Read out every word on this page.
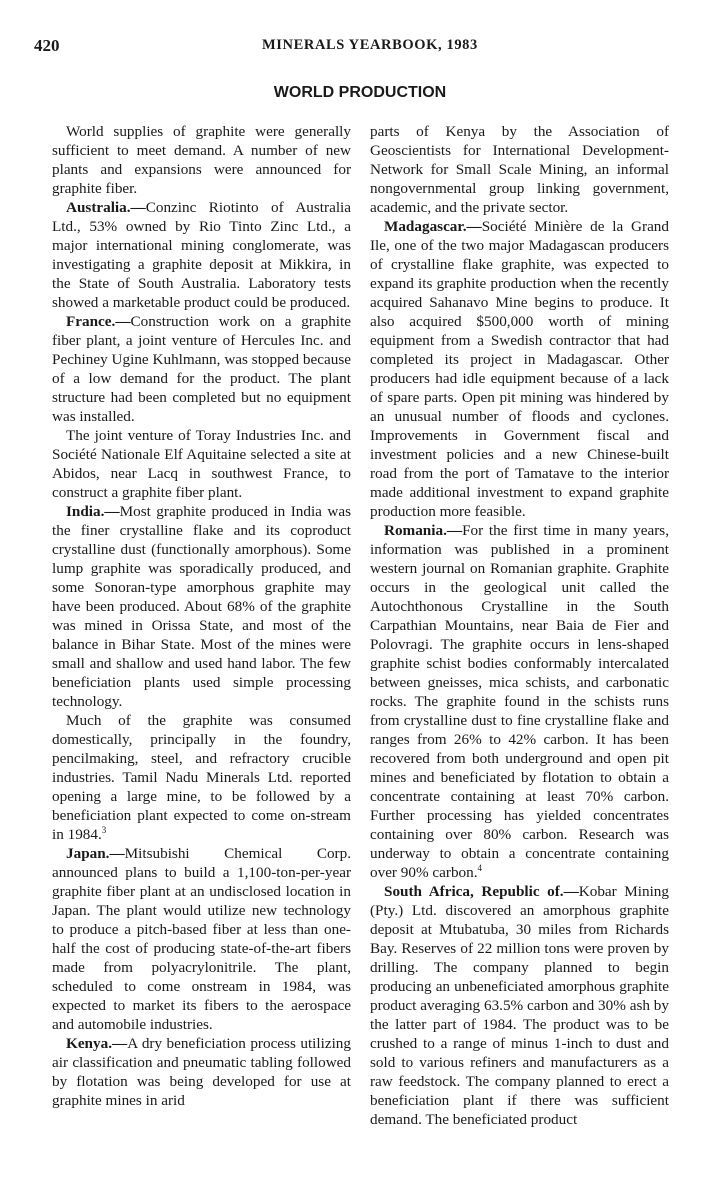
420	MINERALS YEARBOOK, 1983
WORLD PRODUCTION

World supplies of graphite were generally sufficient to meet demand. A number of new plants and expansions were announced for graphite fiber.

Australia.—Conzinc Riotinto of Australia Ltd., 53% owned by Rio Tinto Zinc Ltd., a major international mining conglomerate, was investigating a graphite deposit at Mikkira, in the State of South Australia. Laboratory tests showed a marketable product could be produced.

France.—Construction work on a graphite fiber plant, a joint venture of Hercules Inc. and Pechiney Ugine Kuhlmann, was stopped because of a low demand for the product. The plant structure had been completed but no equipment was installed.

The joint venture of Toray Industries Inc. and Société Nationale Elf Aquitaine selected a site at Abidos, near Lacq in southwest France, to construct a graphite fiber plant.

India.—Most graphite produced in India was the finer crystalline flake and its coproduct crystalline dust (functionally amorphous). Some lump graphite was sporadically produced, and some Sonoran-type amorphous graphite may have been produced. About 68% of the graphite was mined in Orissa State, and most of the balance in Bihar State. Most of the mines were small and shallow and used hand labor. The few beneficiation plants used simple processing technology.

Much of the graphite was consumed domestically, principally in the foundry, pencilmaking, steel, and refractory crucible industries. Tamil Nadu Minerals Ltd. reported opening a large mine, to be followed by a beneficiation plant expected to come on-stream in 1984.$^3$

Japan.—Mitsubishi Chemical Corp. announced plans to build a 1,100-ton-per-year graphite fiber plant at an undisclosed location in Japan. The plant would utilize new technology to produce a pitch-based fiber at less than one-half the cost of producing state-of-the-art fibers made from polyacrylonitrile. The plant, scheduled to come onstream in 1984, was expected to market its fibers to the aerospace and automobile industries.

Kenya.—A dry beneficiation process utilizing air classification and pneumatic tabling followed by flotation was being developed for use at graphite mines in arid

parts of Kenya by the Association of Geoscientists for International Development-Network for Small Scale Mining, an informal nongovernmental group linking government, academic, and the private sector.

Madagascar.—Société Minière de la Grand Ile, one of the two major Madagascan producers of crystalline flake graphite, was expected to expand its graphite production when the recently acquired Sahanavo Mine begins to produce. It also acquired $500,000 worth of mining equipment from a Swedish contractor that had completed its project in Madagascar. Other producers had idle equipment because of a lack of spare parts. Open pit mining was hindered by an unusual number of floods and cyclones. Improvements in Government fiscal and investment policies and a new Chinese-built road from the port of Tamatave to the interior made additional investment to expand graphite production more feasible.

Romania.—For the first time in many years, information was published in a prominent western journal on Romanian graphite. Graphite occurs in the geological unit called the Autochthonous Crystalline in the South Carpathian Mountains, near Baia de Fier and Polovragi. The graphite occurs in lens-shaped graphite schist bodies conformably intercalated between gneisses, mica schists, and carbonatic rocks. The graphite found in the schists runs from crystalline dust to fine crystalline flake and ranges from 26% to 42% carbon. It has been recovered from both underground and open pit mines and beneficiated by flotation to obtain a concentrate containing at least 70% carbon. Further processing has yielded concentrates containing over 80% carbon. Research was underway to obtain a concentrate containing over 90% carbon.$^4$

South Africa, Republic of.—Kobar Mining (Pty.) Ltd. discovered an amorphous graphite deposit at Mtubatuba, 30 miles from Richards Bay. Reserves of 22 million tons were proven by drilling. The company planned to begin producing an unbeneficiated amorphous graphite product averaging 63.5% carbon and 30% ash by the latter part of 1984. The product was to be crushed to a range of minus 1-inch to dust and sold to various refiners and manufacturers as a raw feedstock. The company planned to erect a beneficiation plant if there was sufficient demand. The beneficiated product
